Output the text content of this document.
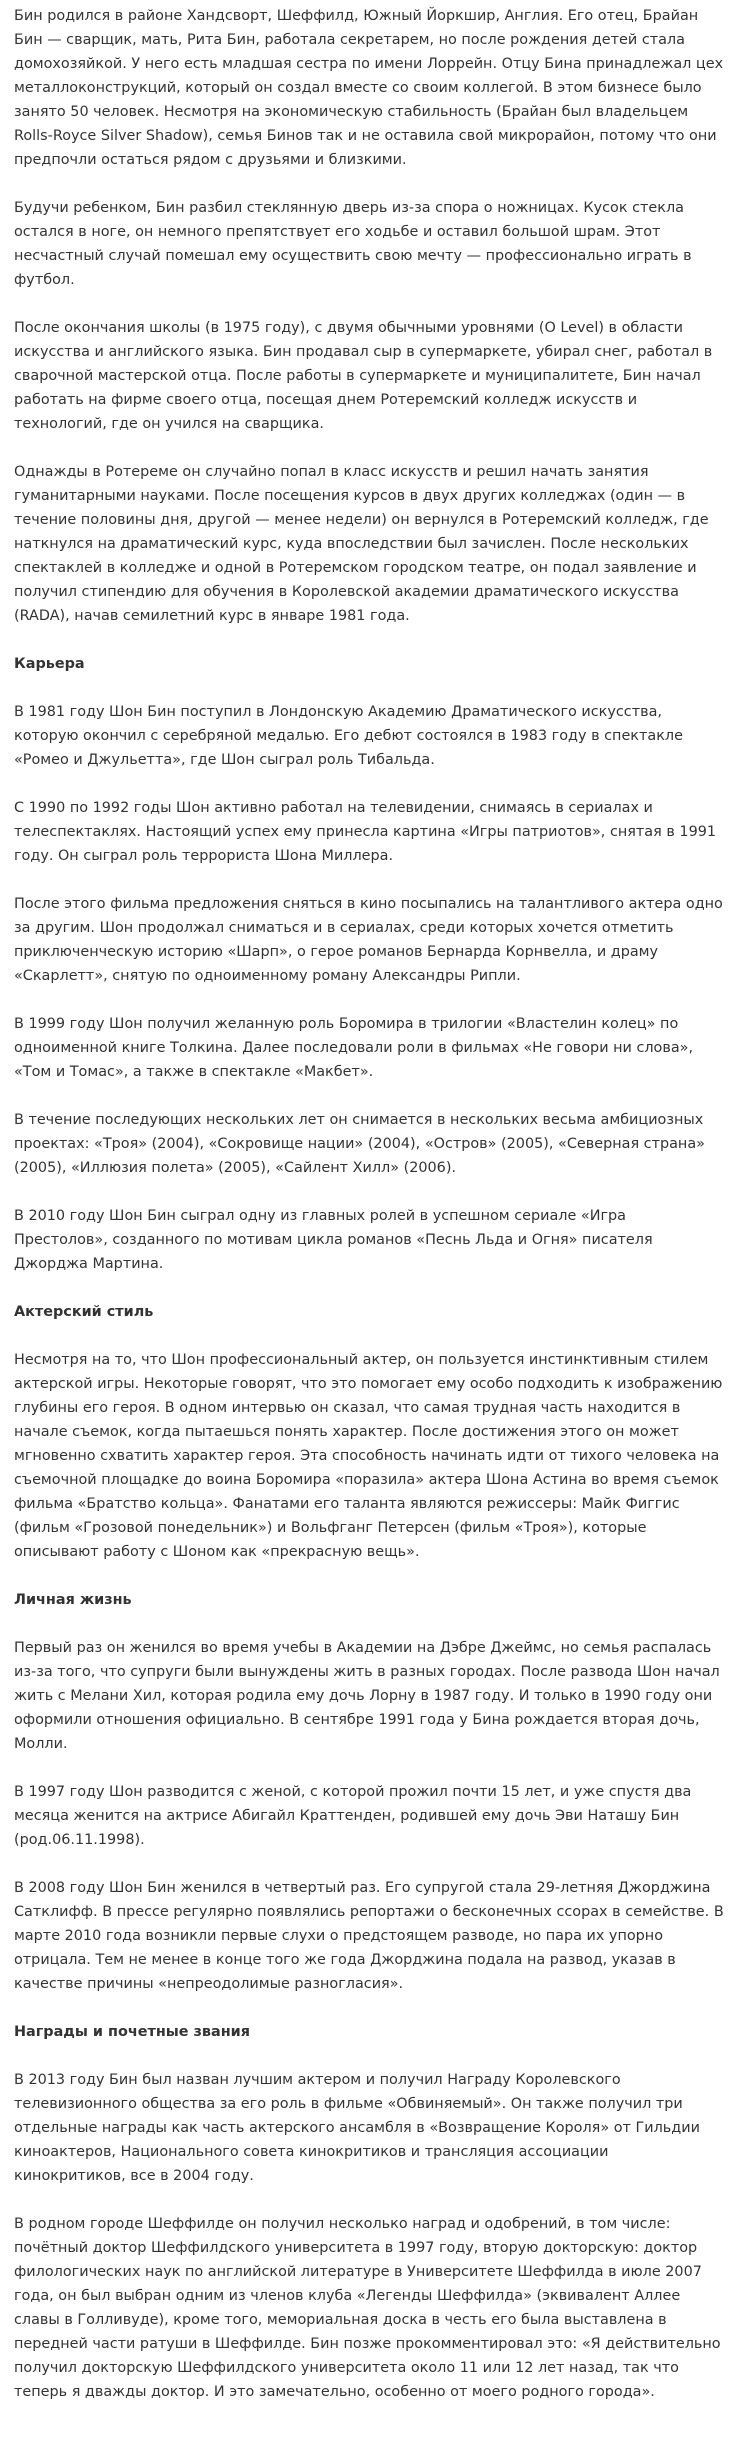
Бин родился в районе Хандсворт, Шеффилд, Южный Йоркшир, Англия. Его отец, Брайан Бин — сварщик, мать, Рита Бин, работала секретарем, но после рождения детей стала домохозяйкой. У него есть младшая сестра по имени Лоррейн. Отцу Бина принадлежал цех металлоконструкций, который он создал вместе со своим коллегой. В этом бизнесе было занято 50 человек. Несмотря на экономическую стабильность (Брайан был владельцем Rolls-Royce Silver Shadow), семья Бинов так и не оставила свой микрорайон, потому что они предпочли остаться рядом с друзьями и близкими.

Будучи ребенком, Бин разбил стеклянную дверь из-за спора о ножницах. Кусок стекла остался в ноге, он немного препятствует его ходьбе и оставил большой шрам. Этот несчастный случай помешал ему осуществить свою мечту — профессионально играть в футбол.

После окончания школы (в 1975 году), с двумя обычными уровнями (O Level) в области искусства и английского языка. Бин продавал сыр в супермаркете, убирал снег, работал в сварочной мастерской отца. После работы в супермаркете и муниципалитете, Бин начал работать на фирме своего отца, посещая днем Ротеремский колледж искусств и технологий, где он учился на сварщика.

Однажды в Ротереме он случайно попал в класс искусств и решил начать занятия гуманитарными науками. После посещения курсов в двух других колледжах (один — в течение половины дня, другой — менее недели) он вернулся в Ротеремский колледж, где наткнулся на драматический курс, куда впоследствии был зачислен. После нескольких спектаклей в колледже и одной в Ротеремском городском театре, он подал заявление и получил стипендию для обучения в Королевской академии драматического искусства (RADA), начав семилетний курс в январе 1981 года.

Карьера

В 1981 году Шон Бин поступил в Лондонскую Академию Драматического искусства, которую окончил с серебряной медалью. Его дебют состоялся в 1983 году в спектакле «Ромео и Джульетта», где Шон сыграл роль Тибальда.

С 1990 по 1992 годы Шон активно работал на телевидении, снимаясь в сериалах и телеспектаклях. Настоящий успех ему принесла картина «Игры патриотов», снятая в 1991 году. Он сыграл роль террориста Шона Миллера.

После этого фильма предложения сняться в кино посыпались на талантливого актера одно за другим. Шон продолжал сниматься и в сериалах, среди которых хочется отметить приключенческую историю «Шарп», о герое романов Бернарда Корнвелла, и драму «Скарлетт», снятую по одноименному роману Александры Рипли.

В 1999 году Шон получил желанную роль Боромира в трилогии «Властелин колец» по одноименной книге Толкина. Далее последовали роли в фильмах «Не говори ни слова», «Том и Томас», а также в спектакле «Макбет».

В течение последующих нескольких лет он снимается в нескольких весьма амбициозных проектах: «Троя» (2004), «Сокровище нации» (2004), «Остров» (2005), «Северная страна» (2005), «Иллюзия полета» (2005), «Сайлент Хилл» (2006).

В 2010 году Шон Бин сыграл одну из главных ролей в успешном сериале «Игра Престолов», созданного по мотивам цикла романов «Песнь Льда и Огня» писателя Джорджа Мартина.

Актерский стиль

Несмотря на то, что Шон профессиональный актер, он пользуется инстинктивным стилем актерской игры. Некоторые говорят, что это помогает ему особо подходить к изображению глубины его героя. В одном интервью он сказал, что самая трудная часть находится в начале съемок, когда пытаешься понять характер. После достижения этого он может мгновенно схватить характер героя. Эта способность начинать идти от тихого человека на съемочной площадке до воина Боромира «поразила» актера Шона Астина во время съемок фильма «Братство кольца». Фанатами его таланта являются режиссеры: Майк Фиггис (фильм «Грозовой понедельник») и Вольфганг Петерсен (фильм «Троя»), которые описывают работу с Шоном как «прекрасную вещь».

Личная жизнь

Первый раз он женился во время учебы в Академии на Дэбре Джеймс, но семья распалась из-за того, что супруги были вынуждены жить в разных городах. После развода Шон начал жить с Мелани Хил, которая родила ему дочь Лорну в 1987 году. И только в 1990 году они оформили отношения официально. В сентябре 1991 года у Бина рождается вторая дочь, Молли.

В 1997 году Шон разводится с женой, с которой прожил почти 15 лет, и уже спустя два месяца женится на актрисе Абигайл Краттенден, родившей ему дочь Эви Наташу Бин (род.06.11.1998).

В 2008 году Шон Бин женился в четвертый раз. Его супругой стала 29-летняя Джорджина Сатклифф. В прессе регулярно появлялись репортажи о бесконечных ссорах в семействе. В марте 2010 года возникли первые слухи о предстоящем разводе, но пара их упорно отрицала. Тем не менее в конце того же года Джорджина подала на развод, указав в качестве причины «непреодолимые разногласия».

Награды и почетные звания

В 2013 году Бин был назван лучшим актером и получил Награду Королевского телевизионного общества за его роль в фильме «Обвиняемый». Он также получил три отдельные награды как часть актерского ансамбля в «Возвращение Короля» от Гильдии киноактеров, Национального совета кинокритиков и трансляция ассоциации кинокритиков, все в 2004 году.

В родном городе Шеффилде он получил несколько наград и одобрений, в том числе: почётный доктор Шеффилдского университета в 1997 году, вторую докторскую: доктор филологических наук по английской литературе в Университете Шеффилда в июле 2007 года, он был выбран одним из членов клуба «Легенды Шеффилда» (эквивалент Аллее славы в Голливуде), кроме того, мемориальная доска в честь его была выставлена в передней части ратуши в Шеффилде. Бин позже прокомментировал это: «Я действительно получил докторскую Шеффилдского университета около 11 или 12 лет назад, так что теперь я дважды доктор. И это замечательно, особенно от моего родного города».
